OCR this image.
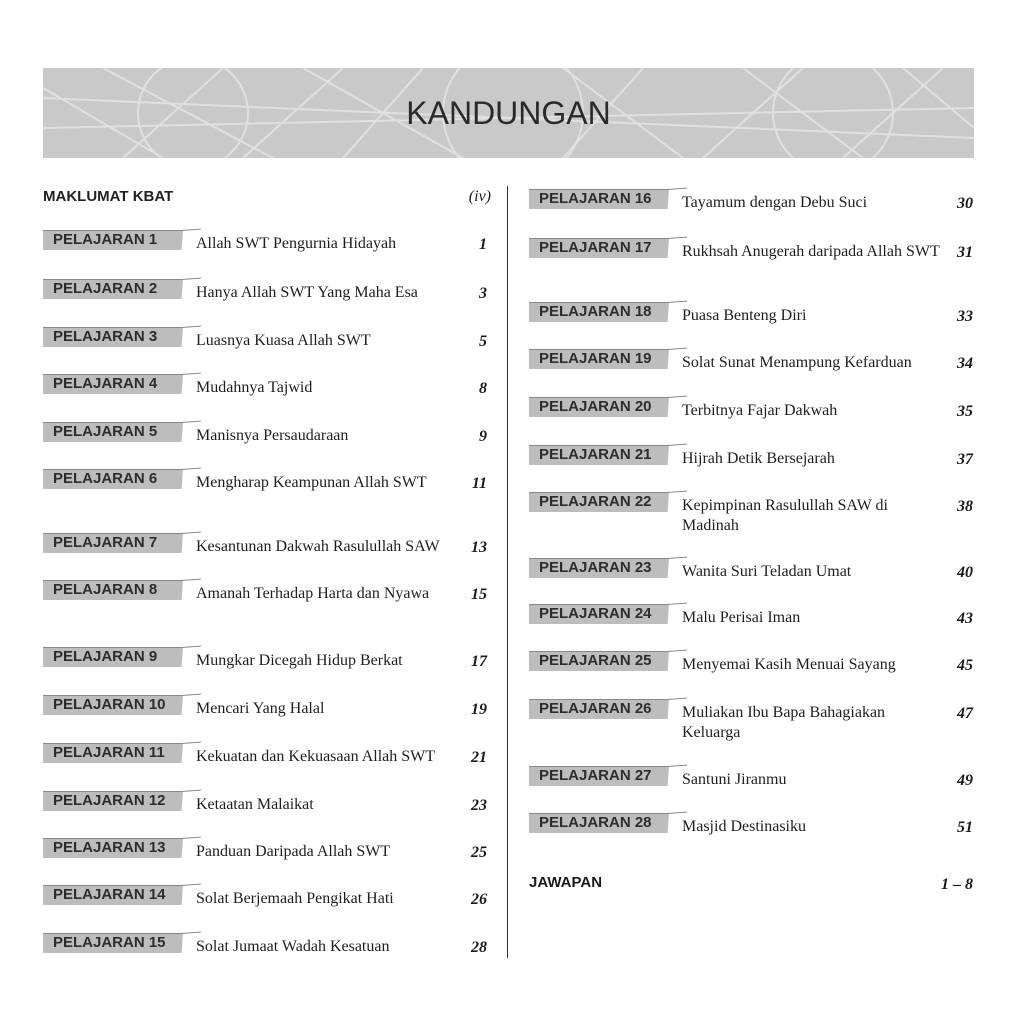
KANDUNGAN
MAKLUMAT KBAT	(iv)
PELAJARAN 1 Allah SWT Pengurnia Hidayah	1
PELAJARAN 2 Hanya Allah SWT Yang Maha Esa	3
PELAJARAN 3 Luasnya Kuasa Allah SWT	5
PELAJARAN 4 Mudahnya Tajwid	8
PELAJARAN 5 Manisnya Persaudaraan	9
PELAJARAN 6 Mengharap Keampunan Allah SWT	11
PELAJARAN 7 Kesantunan Dakwah Rasulullah SAW	13
PELAJARAN 8 Amanah Terhadap Harta dan Nyawa	15
PELAJARAN 9 Mungkar Dicegah Hidup Berkat	17
PELAJARAN 10 Mencari Yang Halal	19
PELAJARAN 11 Kekuatan dan Kekuasaan Allah SWT	21
PELAJARAN 12 Ketaatan Malaikat	23
PELAJARAN 13 Panduan Daripada Allah SWT	25
PELAJARAN 14 Solat Berjemaah Pengikat Hati	26
PELAJARAN 15 Solat Jumaat Wadah Kesatuan	28
PELAJARAN 16 Tayamum dengan Debu Suci	30
PELAJARAN 17 Rukhsah Anugerah daripada Allah SWT 31
PELAJARAN 18 Puasa Benteng Diri	33
PELAJARAN 19 Solat Sunat Menampung Kefarduan	34
PELAJARAN 20 Terbitnya Fajar Dakwah	35
PELAJARAN 21 Hijrah Detik Bersejarah	37
PELAJARAN 22 Kepimpinan Rasulullah SAW di Madinah
38
PELAJARAN 23 Wanita Suri Teladan Umat	40
PELAJARAN 24 Malu Perisai Iman	43
PELAJARAN 25 Menyemai Kasih Menuai Sayang	45
PELAJARAN 26 Muliakan Ibu Bapa Bahagiakan Keluarga
47
PELAJARAN 27 Santuni Jiranmu	49
PELAJARAN 28 Masjid Destinasiku	51
JAWAPAN	1 – 8
